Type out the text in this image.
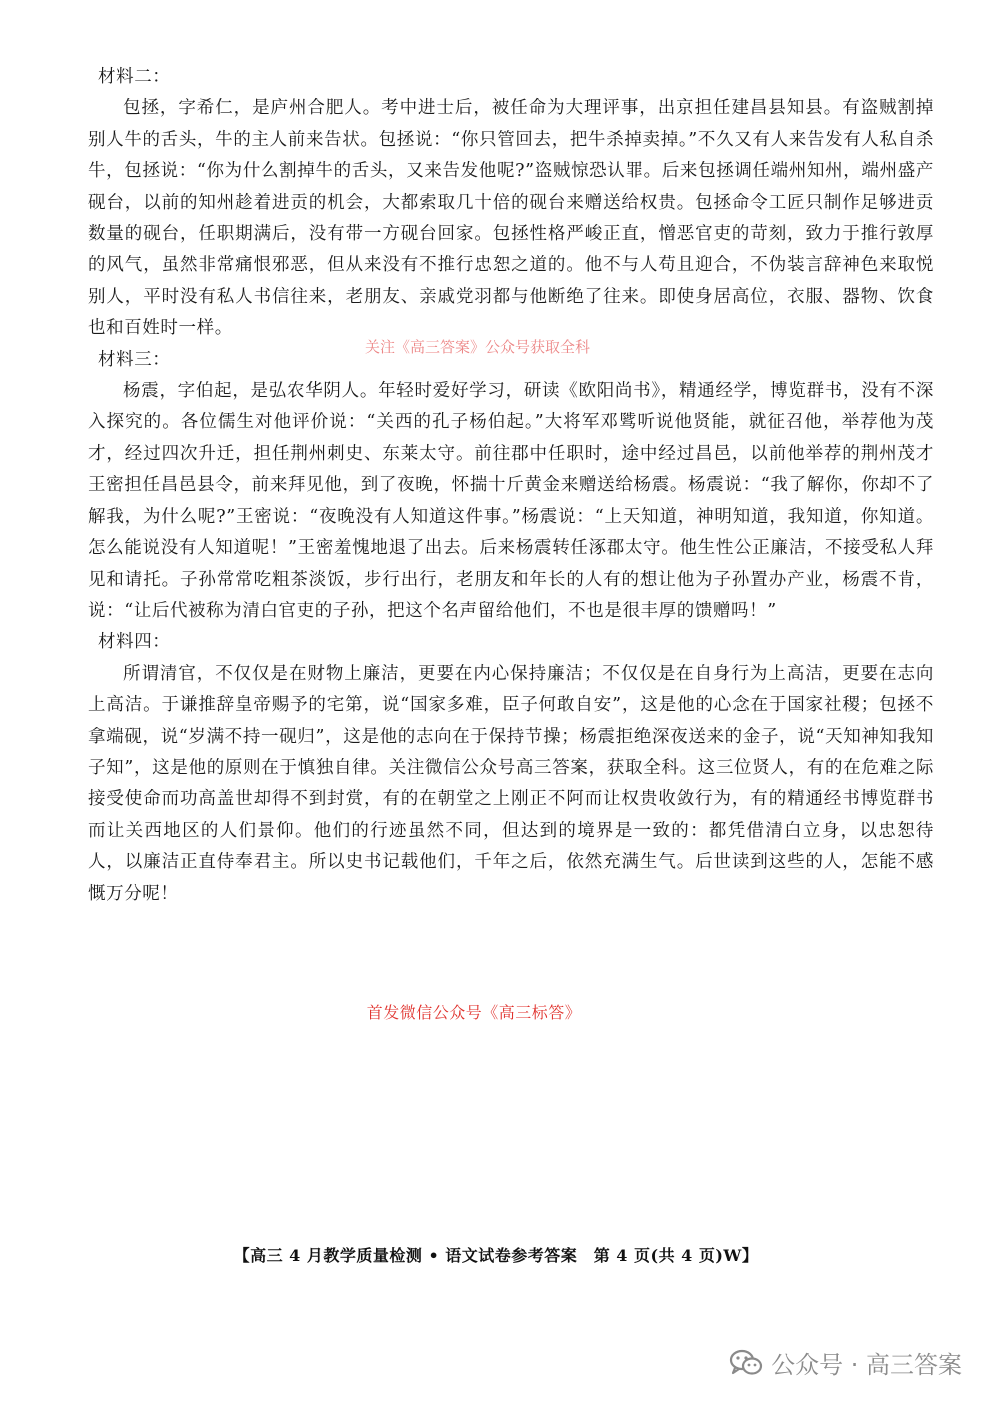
材料二：

包拯，字希仁，是庐州合肥人。考中进士后，被任命为大理评事，出京担任建昌县知县。有盗贼割掉别人牛的舌头，牛的主人前来告状。包拯说：“你只管回去，把牛杀掉卖掉。”不久又有人来告发有人私自杀牛，包拯说：“你为什么割掉牛的舌头，又来告发他呢?”盗贼惊恐认罪。后来包拯调任端州知州，端州盛产砚台，以前的知州趁着进贡的机会，大都索取几十倍的砚台来赠送给权贵。包拯命令工匠只制作足够进贡数量的砚台，任职期满后，没有带一方砚台回家。包拯性格严峻正直，憎恶官吏的苛刻，致力于推行敦厚的风气，虽然非常痛恨邪恶，但从来没有不推行忠恕之道的。他不与人苟且迎合，不伪装言辞神色来取悦别人，平时没有私人书信往来，老朋友、亲戚党羽都与他断绝了往来。即使身居高位，衣服、器物、饮食也和百姓时一样。

材料三：

杨震，字伯起，是弘农华阴人。年轻时爱好学习，研读《欧阳尚书》，精通经学，博览群书，没有不深入探究的。各位儒生对他评价说：“关西的孔子杨伯起。”大将军邓骘听说他贤能，就征召他，举荐他为茂才，经过四次升迁，担任荆州刺史、东莱太守。前往郡中任职时，途中经过昌邑，以前他举荐的荆州茂才王密担任昌邑县令，前来拜见他，到了夜晚，怀揣十斤黄金来赠送给杨震。杨震说：“我了解你，你却不了解我，为什么呢?”王密说：“夜晚没有人知道这件事。”杨震说：“上天知道，神明知道，我知道，你知道。怎么能说没有人知道呢！”王密羞愧地退了出去。后来杨震转任涿郡太守。他生性公正廉洁，不接受私人拜见和请托。子孙常常吃粗茶淡饭，步行出行，老朋友和年长的人有的想让他为子孙置办产业，杨震不肯，说：“让后代被称为清白官吏的子孙，把这个名声留给他们，不也是很丰厚的馈赠吗！”

材料四：

所谓清官，不仅仅是在财物上廉洁，更要在内心保持廉洁；不仅仅是在自身行为上高洁，更要在志向上高洁。于谦推辞皇帝赐予的宅第，说“国家多难，臣子何敢自安”，这是他的心念在于国家社稷；包拯不拿端砚，说“岁满不持一砚归”，这是他的志向在于保持节操；杨震拒绝深夜送来的金子，说“天知神知我知子知”，这是他的原则在于慎独自律。关注微信公众号高三答案，获取全科。这三位贤人，有的在危难之际接受使命而功高盖世却得不到封赏，有的在朝堂之上刚正不阿而让权贵收敛行为，有的精通经书博览群书而让关西地区的人们景仰。他们的行迹虽然不同，但达到的境界是一致的：都凭借清白立身，以忠恕待人，以廉洁正直侍奉君主。所以史书记载他们，千年之后，依然充满生气。后世读到这些的人，怎能不感慨万分呢！

关注《高三答案》公众号获取全科
首发微信公众号《高三标答》
【高三 4 月教学质量检测 • 语文试卷参考答案　第 4 页(共 4 页)W】
公众号 · 高三答案
